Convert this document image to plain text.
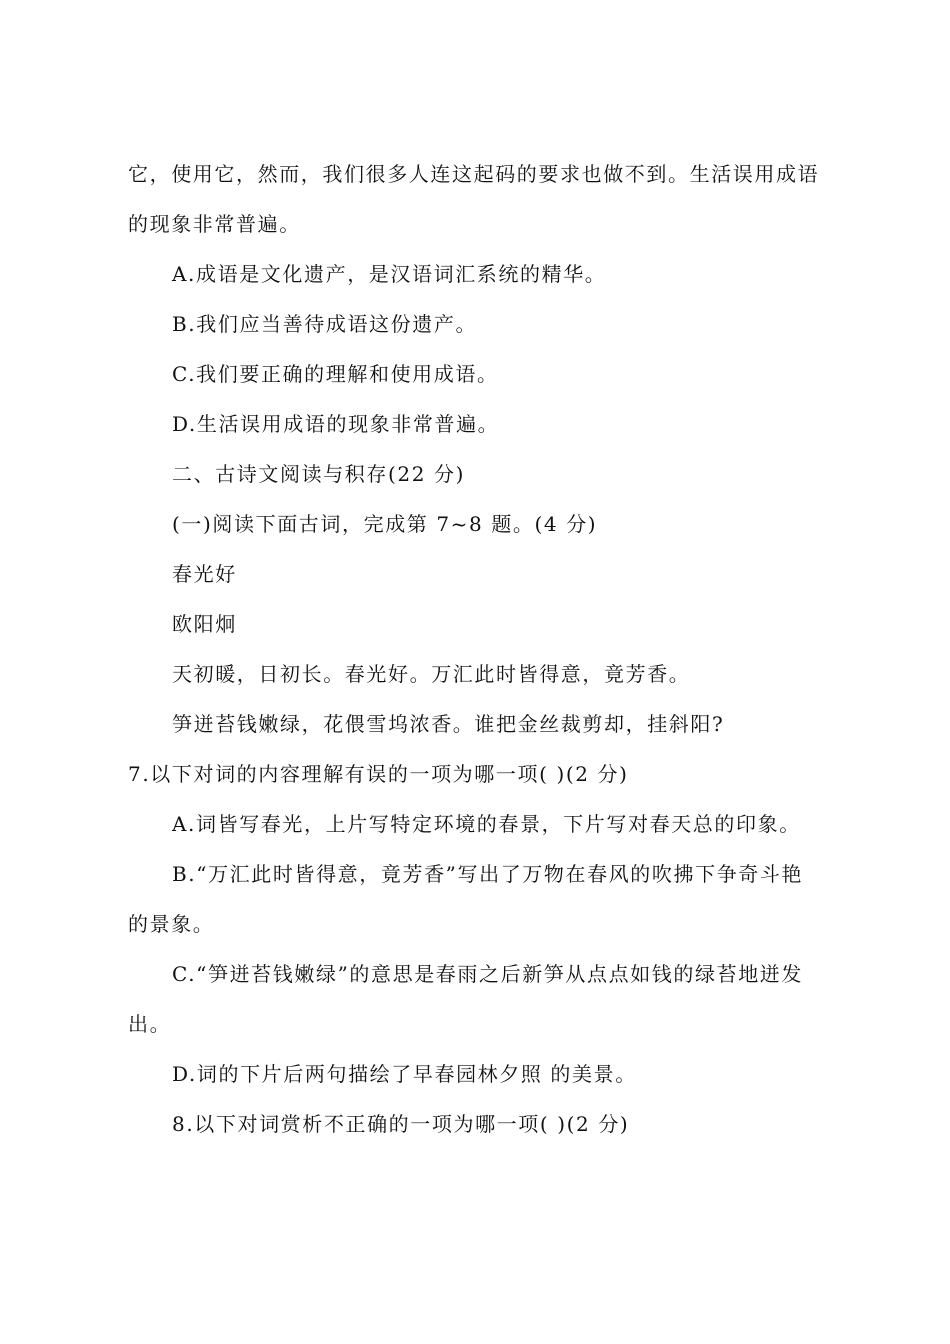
它，使用它，然而，我们很多人连这起码的要求也做不到。生活误用成语
的现象非常普遍。
A.成语是文化遗产，是汉语词汇系统的精华。
B.我们应当善待成语这份遗产。
C.我们要正确的理解和使用成语。
D.生活误用成语的现象非常普遍。
二、古诗文阅读与积存(22 分)
(一)阅读下面古词，完成第 7~8 题。(4 分)
春光好
欧阳炯
天初暖，日初长。春光好。万汇此时皆得意，竟芳香。
笋迸苔钱嫩绿，花偎雪坞浓香。谁把金丝裁剪却，挂斜阳?
7.以下对词的内容理解有误的一项为哪一项( )(2 分)
A.词皆写春光，上片写特定环境的春景，下片写对春天总的印象。
B.“万汇此时皆得意，竟芳香”写出了万物在春风的吹拂下争奇斗艳
的景象。
C.“笋迸苔钱嫩绿”的意思是春雨之后新笋从点点如钱的绿苔地迸发
出。
D.词的下片后两句描绘了早春园林夕照 的美景。
8.以下对词赏析不正确的一项为哪一项( )(2 分)
